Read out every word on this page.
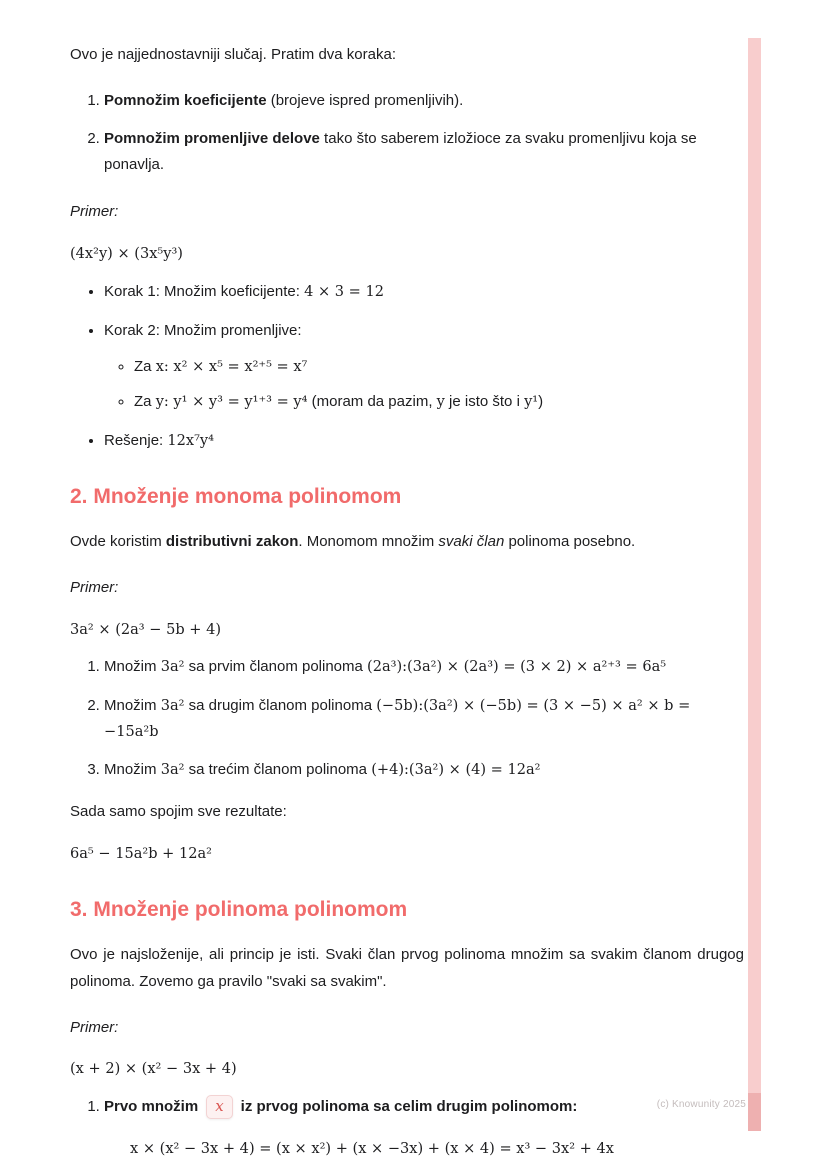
Ovo je najjednostavniji slučaj. Pratim dva koraka:

1. Pomnožim koeficijente (brojeve ispred promenljivih).
2. Pomnožim promenljive delove tako što saberem izložioce za svaku promenljivu koja se ponavlja.

Primer:

(4x²y) × (3x⁵y³)

• Korak 1: Množim koeficijente: 4 × 3 = 12
• Korak 2: Množim promenljive:
◦ Za x: x² × x⁵ = x²⁺⁵ = x⁷
◦ Za y: y¹ × y³ = y¹⁺³ = y⁴ (moram da pazim, y je isto što i y¹)
• Rešenje: 12x⁷y⁴
2. Množenje monoma polinomom

Ovde koristim distributivni zakon. Monomom množim svaki član polinoma posebno.

Primer:

3a² × (2a³ − 5b + 4)

1. Množim 3a² sa prvim članom polinoma (2a³):(3a²) × (2a³) = (3 × 2) × a²⁺³ = 6a⁵
2. Množim 3a² sa drugim članom polinoma (−5b):(3a²) × (−5b) = (3 × −5) × a² × b = −15a²b
3. Množim 3a² sa trećim članom polinoma (+4):(3a²) × (4) = 12a²

Sada samo spojim sve rezultate:

6a⁵ − 15a²b + 12a²

3. Množenje polinoma polinomom

Ovo je najsloženije, ali princip je isti. Svaki član prvog polinoma množim sa svakim članom drugog polinoma. Zovemo ga pravilo "svaki sa svakim".

Primer:

(x + 2) × (x² − 3x + 4)

1. Prvo množim x iz prvog polinoma sa celim drugim polinomom:

x × (x² − 3x + 4) = (x × x²) + (x × −3x) + (x × 4) = x³ − 3x² + 4x

(c) Knowunity 2025
